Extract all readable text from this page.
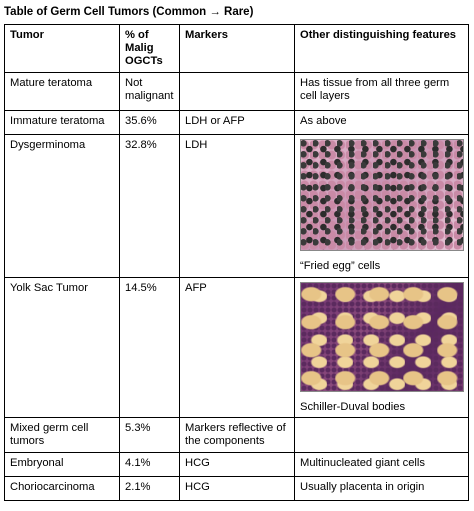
Table of Germ Cell Tumors (Common → Rare)
Tumor	% of Malig OGCTs	Markers	Other distinguishing features
Mature teratoma	Not malignant		Has tissue from all three germ cell layers
Immature teratoma	35.6%	LDH or AFP	As above
Dysgerminoma	32.8%	LDH	“Fried egg” cells
Yolk Sac Tumor	14.5%	AFP	Schiller-Duval bodies
Mixed germ cell tumors	5.3%	Markers reflective of the components	
Embryonal	4.1%	HCG	Multinucleated giant cells
Choriocarcinoma	2.1%	HCG	Usually placenta in origin
